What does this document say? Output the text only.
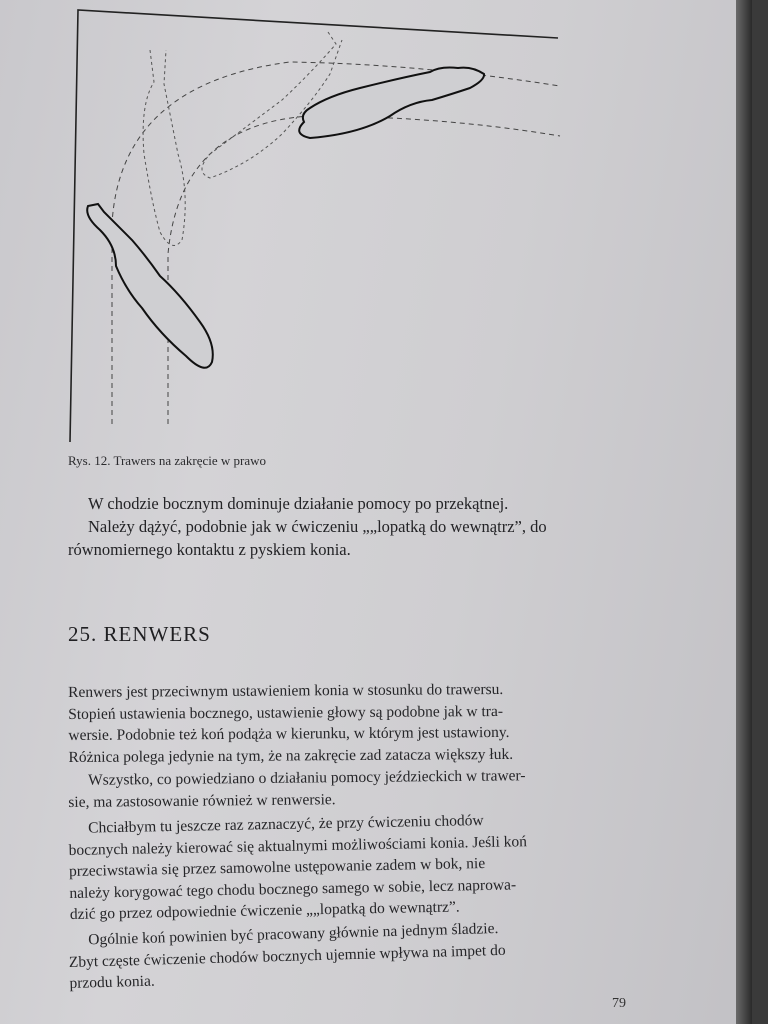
Rys. 12. Trawers na zakręcie w prawo

W chodzie bocznym dominuje działanie pomocy po przekątnej.

Należy dążyć, podobnie jak w ćwiczeniu „„lopatką do wewnątrz”, do

równomiernego kontaktu z pyskiem konia.

25. RENWERS
Renwers jest przeciwnym ustawieniem konia w stosunku do trawersu.
Stopień ustawienia bocznego, ustawienie głowy są podobne jak w tra-
wersie. Podobnie też koń podąża w kierunku, w którym jest ustawiony.
Różnica polega jedynie na tym, że na zakręcie zad zatacza większy łuk.
Wszystko, co powiedziano o działaniu pomocy jeździeckich w trawer-
sie, ma zastosowanie również w renwersie.
Chciałbym tu jeszcze raz zaznaczyć, że przy ćwiczeniu chodów
bocznych należy kierować się aktualnymi możliwościami konia. Jeśli koń
przeciwstawia się przez samowolne ustępowanie zadem w bok, nie
należy korygować tego chodu bocznego samego w sobie, lecz naprowa-
dzić go przez odpowiednie ćwiczenie „„lopatką do wewnątrz”.
Ogólnie koń powinien być pracowany głównie na jednym śladzie.
Zbyt częste ćwiczenie chodów bocznych ujemnie wpływa na impet do
przodu konia.
79
